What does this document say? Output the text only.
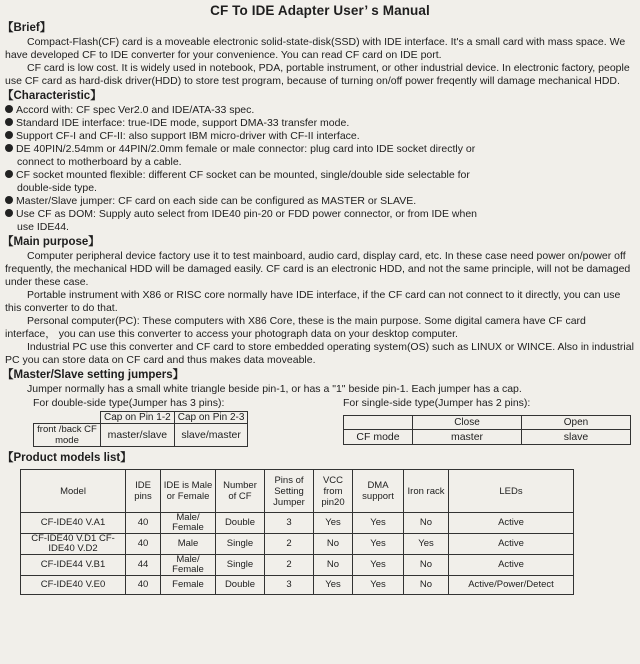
CF To IDE Adapter User’ s Manual
【Brief】
Compact-Flash(CF) card is a moveable electronic solid-state-disk(SSD) with IDE interface. It's a small card with mass space. We have developed CF to IDE converter for your convenience. You can read CF card on IDE port.
CF card is low cost. It is widely used in notebook, PDA, portable instrument, or other industrial device. In electronic factory, people use CF card as hard-disk driver(HDD) to store test program, because of turning on/off power freqently will damage mechanical HDD.
【Characteristic】
Accord with: CF spec Ver2.0 and IDE/ATA-33 spec.
Standard IDE interface: true-IDE mode, support DMA-33 transfer mode.
Support CF-I and CF-II: also support IBM micro-driver with CF-II interface.
DE 40PIN/2.54mm or 44PIN/2.0mm female or male connector: plug card into IDE socket directly or
connect to motherboard by a cable.
CF socket mounted flexible: different CF socket can be mounted, single/double side selectable for
double-side type.
Master/Slave jumper: CF card on each side can be configured as MASTER or SLAVE.
Use CF as DOM: Supply auto select from IDE40 pin-20 or FDD power connector, or from IDE when
use IDE44.
【Main purpose】
Computer peripheral device factory use it to test mainboard, audio card, display card, etc. In these case need power on/power off frequently, the mechanical HDD will be damaged easily. CF card is an electronic HDD, and not the same principle, will not be damaged under these case.
Portable instrument with X86 or RISC core normally have IDE interface, if the CF card can not connect to it directly, you can use this converter to do that.
Personal computer(PC): These computers with X86 Core, these is the main purpose. Some digital camera have CF card interface， you can use this converter to access your photograph data on your desktop computer.
Industrial PC use this converter and CF card to store embedded operating system(OS) such as LINUX or WINCE. Also in industrial PC you can store data on CF card and thus makes data moveable.
【Master/Slave setting jumpers】
Jumper normally has a small white triangle beside pin-1, or has a "1" beside pin-1. Each jumper has a cap.
For double-side type(Jumper has 3 pins):
	Cap on Pin 1-2	Cap on Pin 2-3
front /back CF mode	master/slave	slave/master
For single-side type(Jumper has 2 pins):
	Close	Open
CF mode	master	slave
【Product models list】
Model	IDE pins	IDE is Male or Female	Number of CF	Pins of Setting Jumper	VCC from pin20	DMA support	Iron rack	LEDs
CF-IDE40 V.A1	40	Male/ Female	Double	3	Yes	Yes	No	Active
CF-IDE40 V.D1 CF-IDE40 V.D2	40	Male	Single	2	No	Yes	Yes	Active
CF-IDE44 V.B1	44	Male/ Female	Single	2	No	Yes	No	Active
CF-IDE40 V.E0	40	Female	Double	3	Yes	Yes	No	Active/Power/Detect
